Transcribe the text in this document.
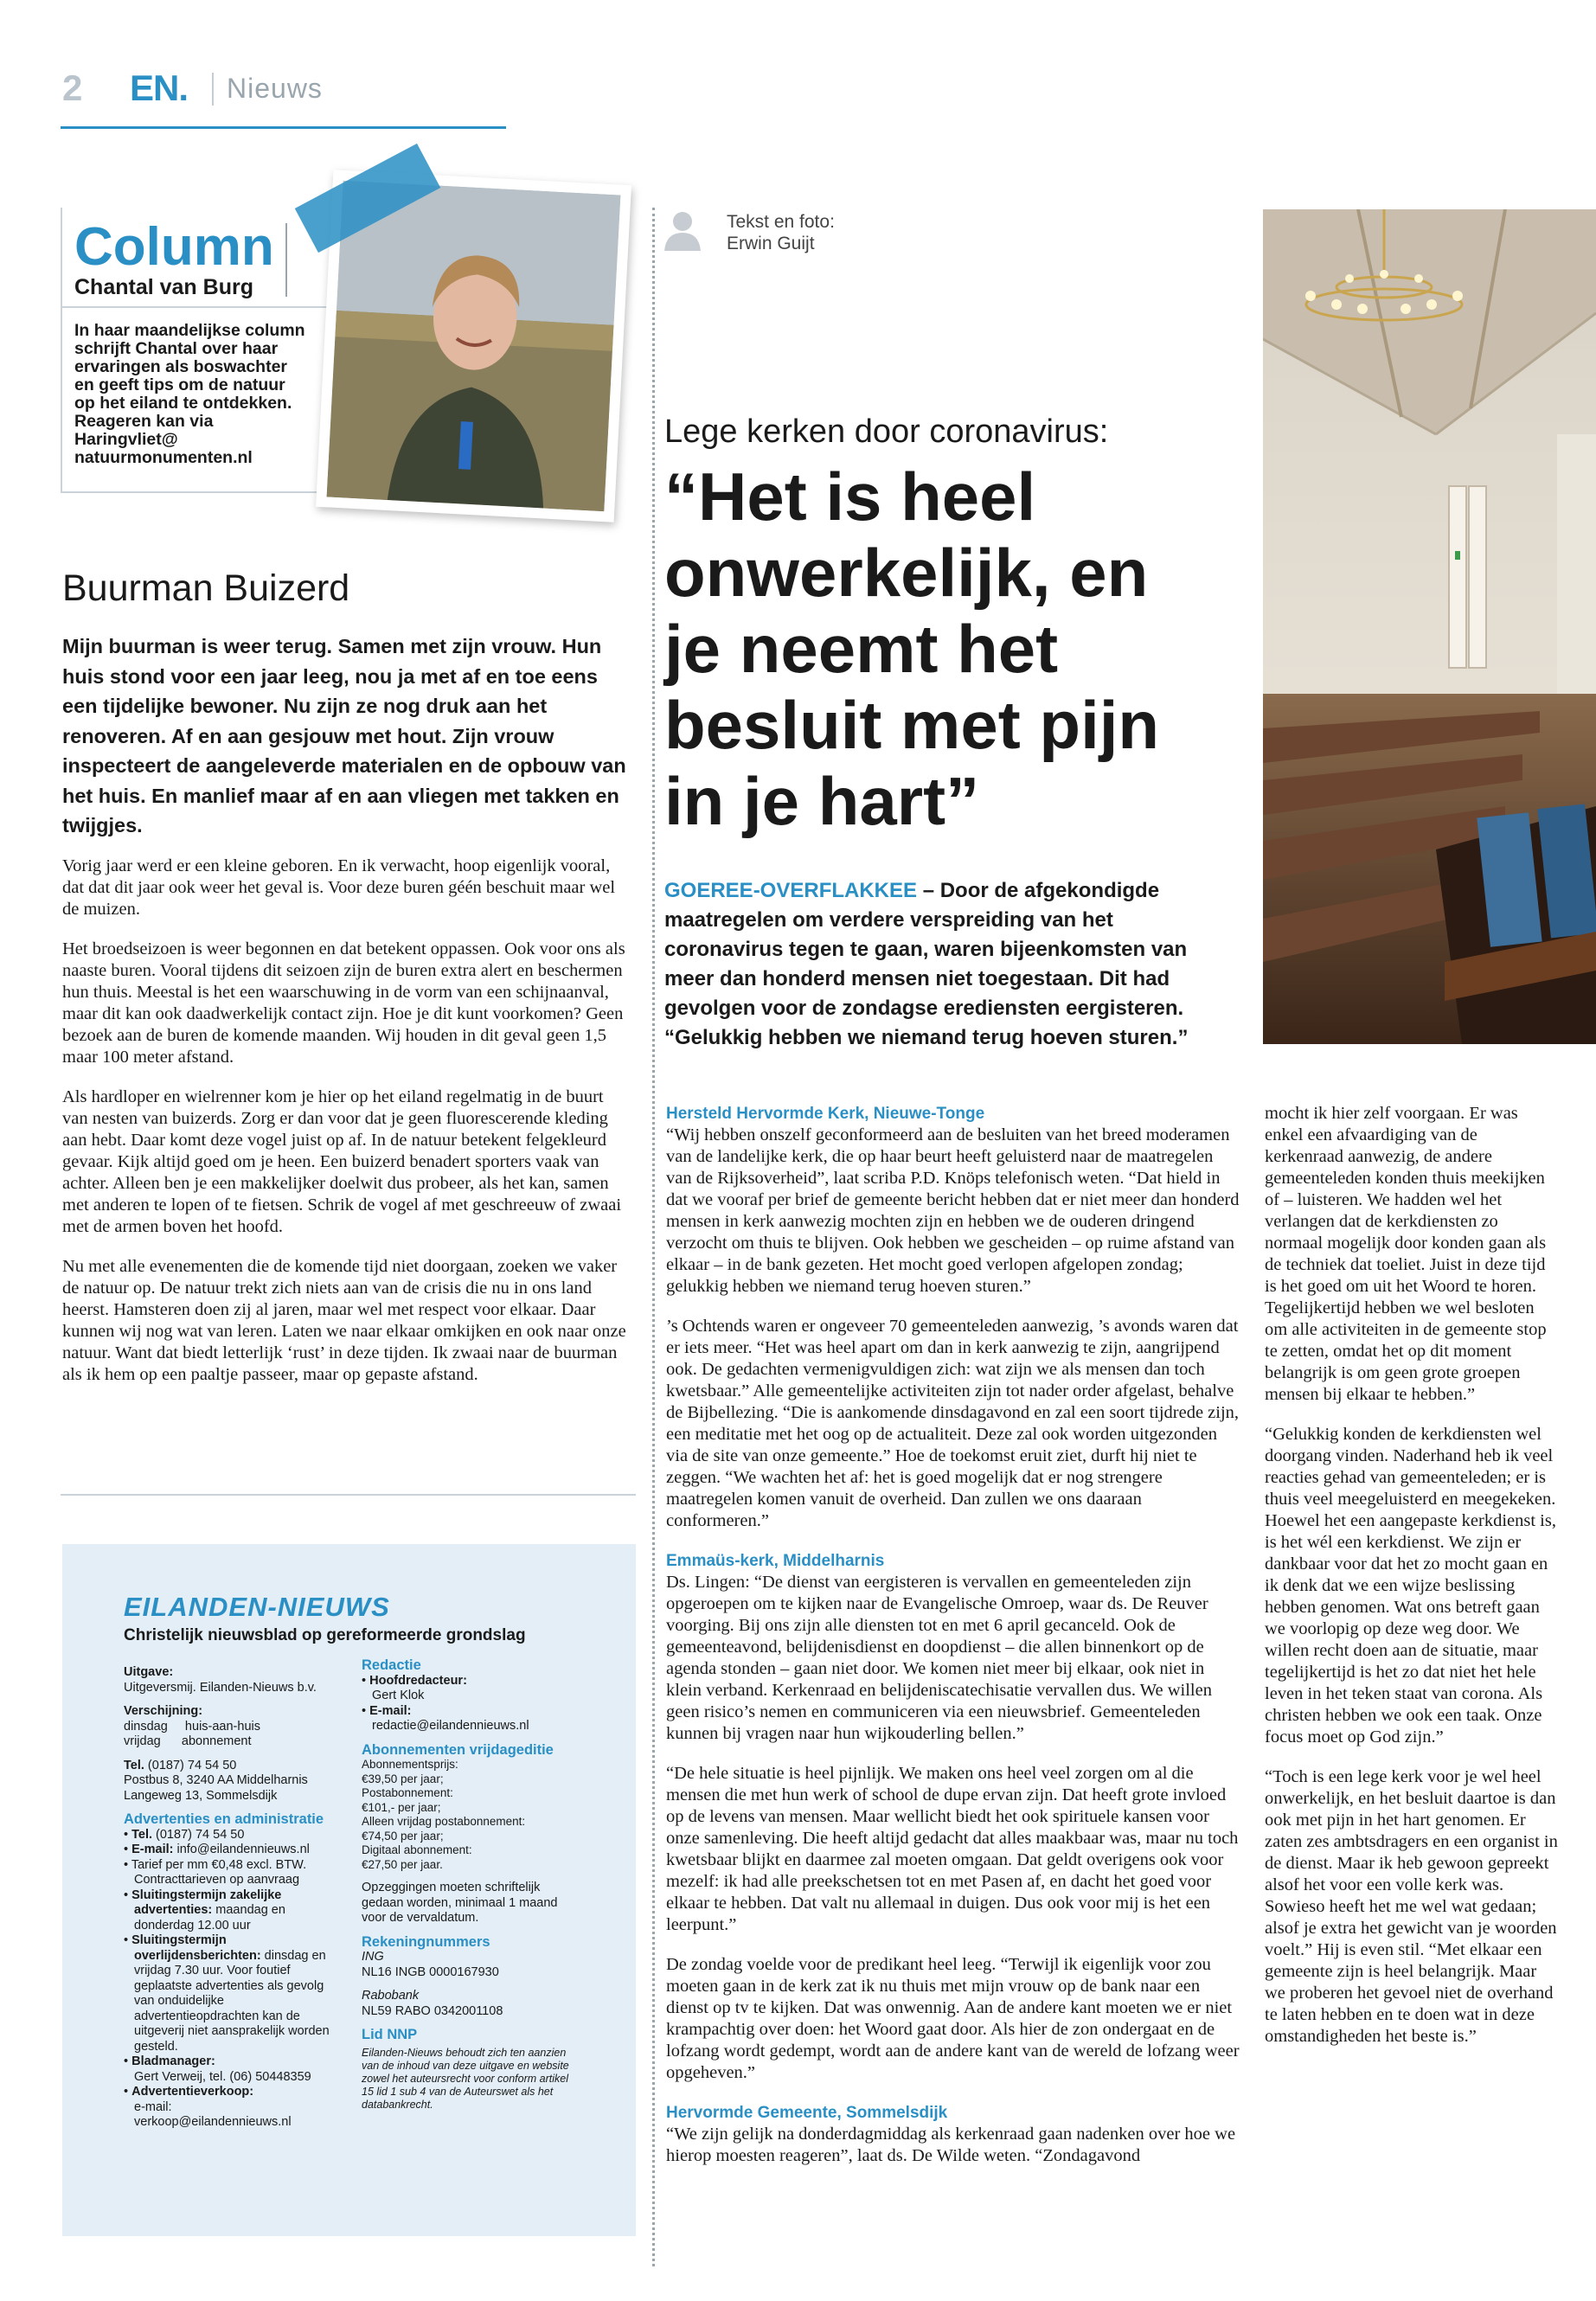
2 EN. Nieuws
Column
Chantal van Burg
In haar maandelijkse column schrijft Chantal over haar ervaringen als boswachter en geeft tips om de natuur op het eiland te ontdekken. Reageren kan via Haringvliet@ natuurmonumenten.nl
Buurman Buizerd
Mijn buurman is weer terug. Samen met zijn vrouw. Hun huis stond voor een jaar leeg, nou ja met af en toe eens een tijdelijke bewoner. Nu zijn ze nog druk aan het renoveren. Af en aan gesjouw met hout. Zijn vrouw inspecteert de aangeleverde materialen en de opbouw van het huis. En manlief maar af en aan vliegen met takken en twijgjes.

Vorig jaar werd er een kleine geboren. En ik verwacht, hoop eigenlijk vooral, dat dat dit jaar ook weer het geval is. Voor deze buren géén beschuit maar wel de muizen.

Het broedseizoen is weer begonnen en dat betekent oppassen. Ook voor ons als naaste buren. Vooral tijdens dit seizoen zijn de buren extra alert en beschermen hun thuis. Meestal is het een waarschuwing in de vorm van een schijnaanval, maar dit kan ook daadwerkelijk contact zijn. Hoe je dit kunt voorkomen? Geen bezoek aan de buren de komende maanden. Wij houden in dit geval geen 1,5 maar 100 meter afstand.

Als hardloper en wielrenner kom je hier op het eiland regelmatig in de buurt van nesten van buizerds. Zorg er dan voor dat je geen fluorescerende kleding aan hebt. Daar komt deze vogel juist op af. In de natuur betekent felgekleurd gevaar. Kijk altijd goed om je heen. Een buizerd benadert sporters vaak van achter. Alleen ben je een makkelijker doelwit dus probeer, als het kan, samen met anderen te lopen of te fietsen. Schrik de vogel af met geschreeuw of zwaai met de armen boven het hoofd.

Nu met alle evenementen die de komende tijd niet doorgaan, zoeken we vaker de natuur op. De natuur trekt zich niets aan van de crisis die nu in ons land heerst. Hamsteren doen zij al jaren, maar wel met respect voor elkaar. Daar kunnen wij nog wat van leren. Laten we naar elkaar omkijken en ook naar onze natuur. Want dat biedt letterlijk ‘rust’ in deze tijden. Ik zwaai naar de buurman als ik hem op een paaltje passeer, maar op gepaste afstand.

EILANDEN-NIEUWS
Christelijk nieuwsblad op gereformeerde grondslag
Uitgave:
Uitgeversmij. Eilanden-Nieuws b.v.
Verschijning:
dinsdag     huis-aan-huis
vrijdag      abonnement
Tel. (0187) 74 54 50
Postbus 8, 3240 AA Middelharnis
Langeweg 13, Sommelsdijk
Advertenties en administratie
• Tel. (0187) 74 54 50
• E-mail: info@eilandennieuws.nl
• Tarief per mm €0,48 excl. BTW. Contracttarieven op aanvraag
• Sluitingstermijn zakelijke advertenties: maandag en donderdag 12.00 uur
• Sluitingstermijn overlijdensberichten: dinsdag en vrijdag 7.30 uur. Voor foutief geplaatste advertenties als gevolg van onduidelijke advertentieopdrachten kan de uitgeverij niet aansprakelijk worden gesteld.
• Bladmanager:
Gert Verweij, tel. (06) 50448359
• Advertentieverkoop:
e-mail:
verkoop@eilandennieuws.nl
Redactie
• Hoofdredacteur:
Gert Klok
• E-mail:
redactie@eilandennieuws.nl
Abonnementen vrijdageditie
Abonnementsprijs:
€39,50 per jaar;
Postabonnement:
€101,- per jaar;
Alleen vrijdag postabonnement:
€74,50 per jaar;
Digitaal abonnement:
€27,50 per jaar.
Opzeggingen moeten schriftelijk gedaan worden, minimaal 1 maand voor de vervaldatum.
Rekeningnummers
ING
NL16 INGB 0000167930
Rabobank
NL59 RABO 0342001108
Lid NNP
Eilanden-Nieuws behoudt zich ten aanzien van de inhoud van deze uitgave en website zowel het auteursrecht voor conform artikel 15 lid 1 sub 4 van de Auteurswet als het databankrecht.
Tekst en foto:
Erwin Guijt
Lege kerken door coronavirus:
“Het is heel onwerkelijk, en je neemt het besluit met pijn in je hart”
GOEREE-OVERFLAKKEE – Door de afgekondigde maatregelen om verdere verspreiding van het coronavirus tegen te gaan, waren bijeenkomsten van meer dan honderd mensen niet toegestaan. Dit had gevolgen voor de zondagse erediensten eergisteren. “Gelukkig hebben we niemand terug hoeven sturen.”
Hersteld Hervormde Kerk, Nieuwe-Tonge

“Wij hebben onszelf geconformeerd aan de besluiten van het breed moderamen van de landelijke kerk, die op haar beurt heeft geluisterd naar de maatregelen van de Rijksoverheid”, laat scriba P.D. Knöps telefonisch weten. “Dat hield in dat we vooraf per brief de gemeente bericht hebben dat er niet meer dan honderd mensen in kerk aanwezig mochten zijn en hebben we de ouderen dringend verzocht om thuis te blijven. Ook hebben we gescheiden – op ruime afstand van elkaar – in de bank gezeten. Het mocht goed verlopen afgelopen zondag; gelukkig hebben we niemand terug hoeven sturen.”

’s Ochtends waren er ongeveer 70 gemeenteleden aanwezig, ’s avonds waren dat er iets meer. “Het was heel apart om dan in kerk aanwezig te zijn, aangrijpend ook. De gedachten vermenigvuldigen zich: wat zijn we als mensen dan toch kwetsbaar.” Alle gemeentelijke activiteiten zijn tot nader order afgelast, behalve de Bijbellezing. “Die is aankomende dinsdagavond en zal een soort tijdrede zijn, een meditatie met het oog op de actualiteit. Deze zal ook worden uitgezonden via de site van onze gemeente.” Hoe de toekomst eruit ziet, durft hij niet te zeggen. “We wachten het af: het is goed mogelijk dat er nog strengere maatregelen komen vanuit de overheid. Dan zullen we ons daaraan conformeren.”

Emmaüs-kerk, Middelharnis

Ds. Lingen: “De dienst van eergisteren is vervallen en gemeenteleden zijn opgeroepen om te kijken naar de Evangelische Omroep, waar ds. De Reuver voorging. Bij ons zijn alle diensten tot en met 6 april gecanceld. Ook de gemeenteavond, belijdenisdienst en doopdienst – die allen binnenkort op de agenda stonden – gaan niet door. We komen niet meer bij elkaar, ook niet in klein verband. Kerkenraad en belijdeniscatechisatie vervallen dus. We willen geen risico’s nemen en communiceren via een nieuwsbrief. Gemeenteleden kunnen bij vragen naar hun wijkouderling bellen.”

“De hele situatie is heel pijnlijk. We maken ons heel veel zorgen om al die mensen die met hun werk of school de dupe ervan zijn. Dat heeft grote invloed op de levens van mensen. Maar wellicht biedt het ook spirituele kansen voor onze samenleving. Die heeft altijd gedacht dat alles maakbaar was, maar nu toch kwetsbaar blijkt en daarmee zal moeten omgaan. Dat geldt overigens ook voor mezelf: ik had alle preekschetsen tot en met Pasen af, en dacht het goed voor elkaar te hebben. Dat valt nu allemaal in duigen. Dus ook voor mij is het een leerpunt.”

De zondag voelde voor de predikant heel leeg. “Terwijl ik eigenlijk voor zou moeten gaan in de kerk zat ik nu thuis met mijn vrouw op de bank naar een dienst op tv te kijken. Dat was onwennig. Aan de andere kant moeten we er niet krampachtig over doen: het Woord gaat door. Als hier de zon ondergaat en de lofzang wordt gedempt, wordt aan de andere kant van de wereld de lofzang weer opgeheven.”

Hervormde Gemeente, Sommelsdijk

“We zijn gelijk na donderdagmiddag als kerkenraad gaan nadenken over hoe we hierop moesten reageren”, laat ds. De Wilde weten. “Zondagavond

mocht ik hier zelf voorgaan. Er was enkel een afvaardiging van de kerkenraad aanwezig, de andere gemeenteleden konden thuis meekijken of – luisteren. We hadden wel het verlangen dat de kerkdiensten zo normaal mogelijk door konden gaan als de techniek dat toeliet. Juist in deze tijd is het goed om uit het Woord te horen. Tegelijkertijd hebben we wel besloten om alle activiteiten in de gemeente stop te zetten, omdat het op dit moment belangrijk is om geen grote groepen mensen bij elkaar te hebben.”

“Gelukkig konden de kerkdiensten wel doorgang vinden. Naderhand heb ik veel reacties gehad van gemeenteleden; er is thuis veel meegeluisterd en meegekeken. Hoewel het een aangepaste kerkdienst is, is het wél een kerkdienst. We zijn er dankbaar voor dat het zo mocht gaan en ik denk dat we een wijze beslissing hebben genomen. Wat ons betreft gaan we voorlopig op deze weg door. We willen recht doen aan de situatie, maar tegelijkertijd is het zo dat niet het hele leven in het teken staat van corona. Als christen hebben we ook een taak. Onze focus moet op God zijn.”

“Toch is een lege kerk voor je wel heel onwerkelijk, en het besluit daartoe is dan ook met pijn in het hart genomen. Er zaten zes ambtsdragers en een organist in de dienst. Maar ik heb gewoon gepreekt alsof het voor een volle kerk was. Sowieso heeft het me wel wat gedaan; alsof je extra het gewicht van je woorden voelt.” Hij is even stil. “Met elkaar een gemeente zijn is heel belangrijk. Maar we proberen het gevoel niet de overhand te laten hebben en te doen wat in deze omstandigheden het beste is.”
